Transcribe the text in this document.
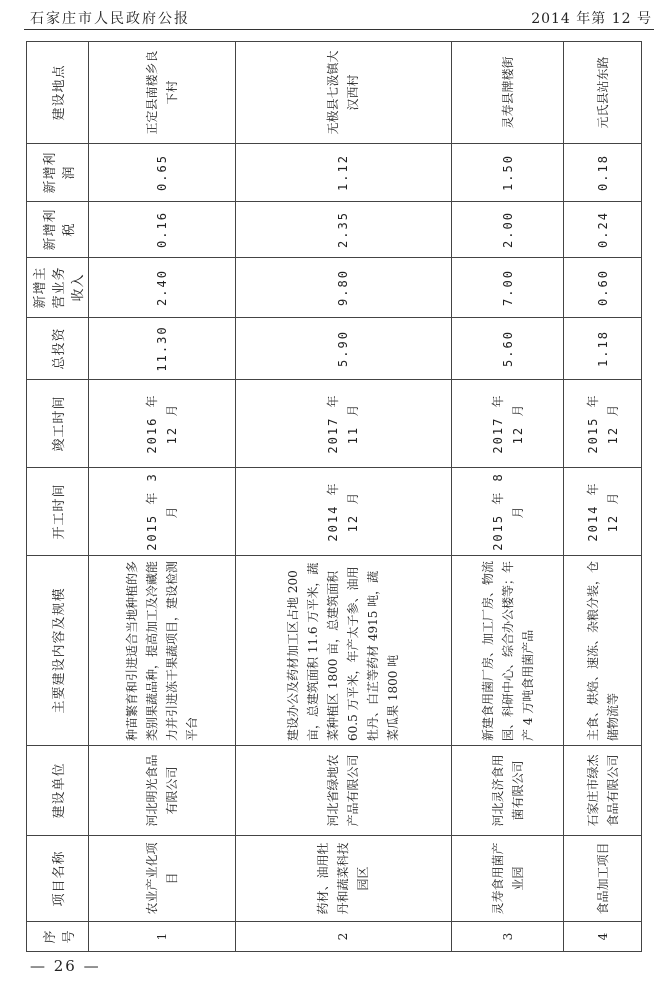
石家庄市人民政府公报	2014 年第 12 号
序号	项目名称	建设单位	主要建设内容及规模	开工时间	竣工时间	总投资	新增主营业务收入	新增利税	新增利润	建设地点
1	农业产业化项目	河北明光食品有限公司	种苗繁育和引进适合当地种植的多类别果蔬品种，提高加工及冷藏能力并引进冻干果蔬项目，建设检测平台	2015 年 3 月	2016 年 12 月	11.30	2.40	0.16	0.65	正定县南楼乡良下村
2	药材、油用牡丹和蔬菜科技园区	河北省绿地农产品有限公司	建设办公及药材加工区占地 200 亩，总建筑面积 11.6 万平米，蔬菜种植区 1800 亩，总建筑面积 60.5 万平米，年产太子参、油用牡丹、白芷等药材 4915 吨，蔬菜瓜果 1800 吨	2014 年 12 月	2017 年 11 月	5.90	9.80	2.35	1.12	无极县七汲镇大汉西村
3	灵寿食用菌产业园	河北灵济食用菌有限公司	新建食用菌厂房、加工厂房、物流园、科研中心、综合办公楼等；年产 4 万吨食用菌产品	2015 年 8 月	2017 年 12 月	5.60	7.00	2.00	1.50	灵寿县牌楼街
4	食品加工项目	石家庄市绿杰食品有限公司	主食、烘焙、速冻、杂粮分装，仓储物流等	2014 年 12 月	2015 年 12 月	1.18	0.60	0.24	0.18	元氏县站东路
— 26 —
